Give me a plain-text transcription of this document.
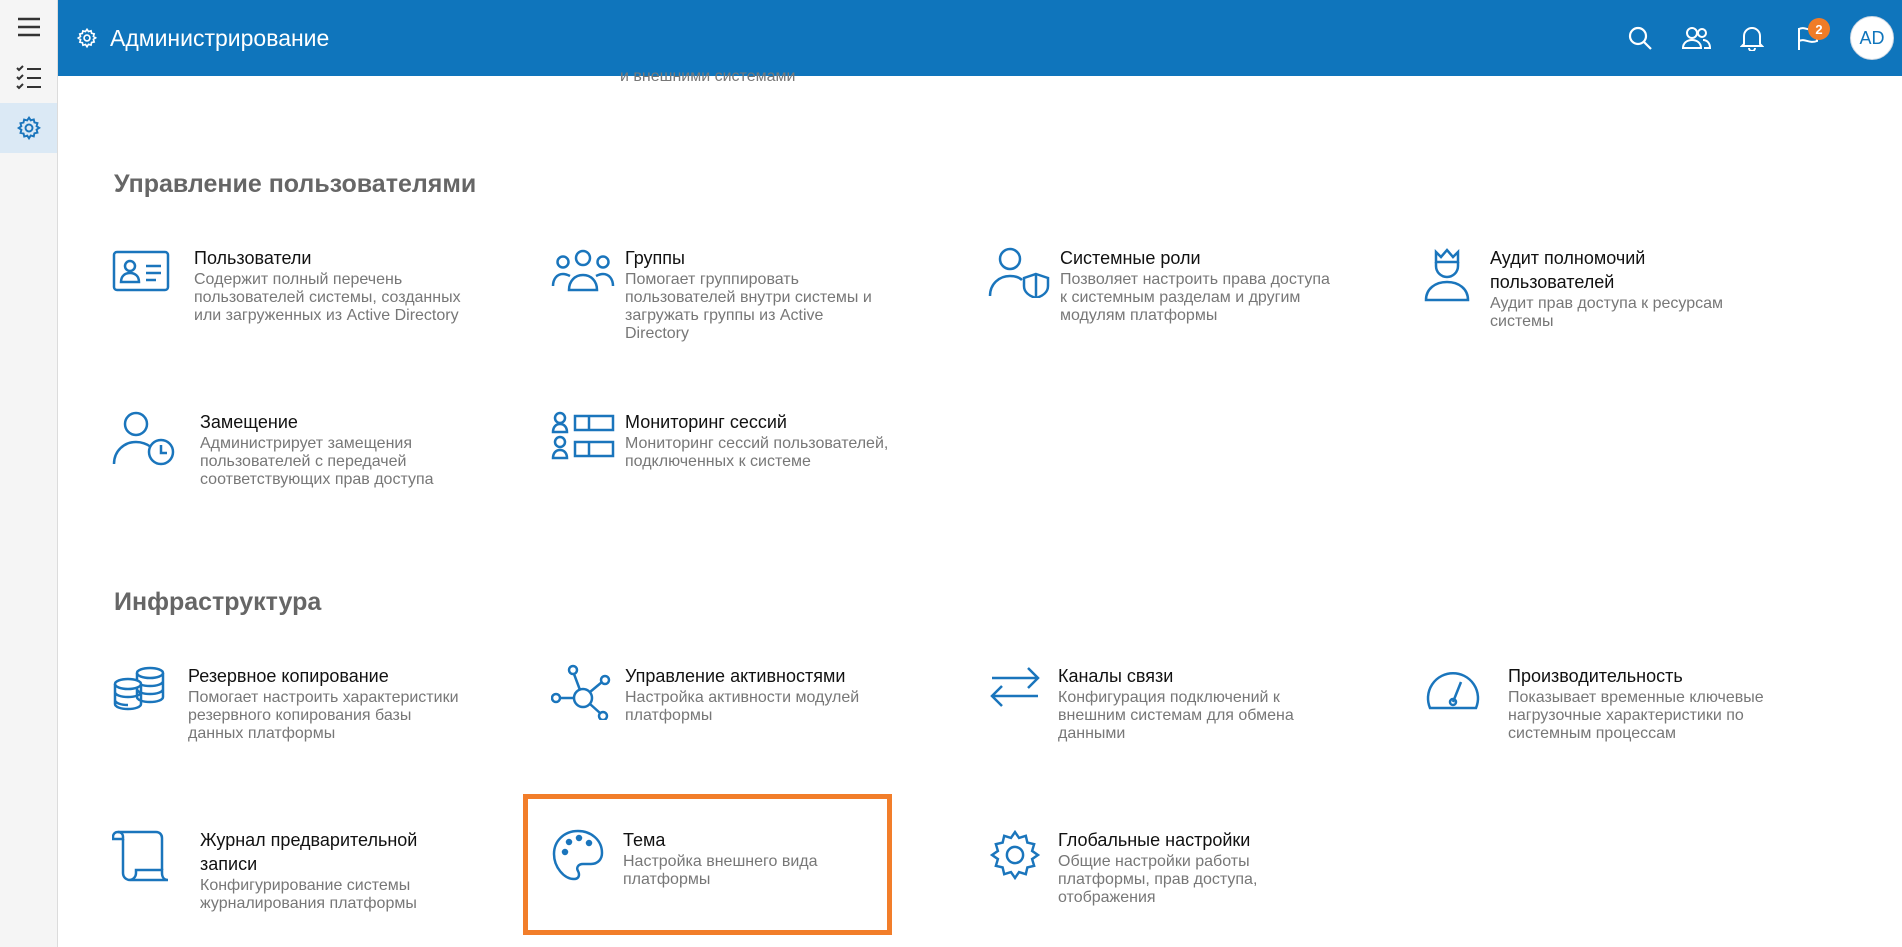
Администрирование	2	AD
и внешними системами
Управление пользователями
Пользователи
Содержит полный перечень
пользователей системы, созданных
или загруженных из Active Directory
Группы
Помогает группировать
пользователей внутри системы и
загружать группы из Active
Directory
Системные роли
Позволяет настроить права доступа
к системным разделам и другим
модулям платформы
Аудит полномочий
пользователей
Аудит прав доступа к ресурсам
системы
Замещение
Администрирует замещения
пользователей с передачей
соответствующих прав доступа
Мониторинг сессий
Мониторинг сессий пользователей,
подключенных к системе
Инфраструктура
Резервное копирование
Помогает настроить характеристики
резервного копирования базы
данных платформы
Управление активностями
Настройка активности модулей
платформы
Каналы связи
Конфигурация подключений к
внешним системам для обмена
данными
Производительность
Показывает временные ключевые
нагрузочные характеристики по
системным процессам
Журнал предварительной
записи
Конфигурирование системы
журналирования платформы
Тема
Настройка внешнего вида
платформы
Глобальные настройки
Общие настройки работы
платформы, прав доступа,
отображения
